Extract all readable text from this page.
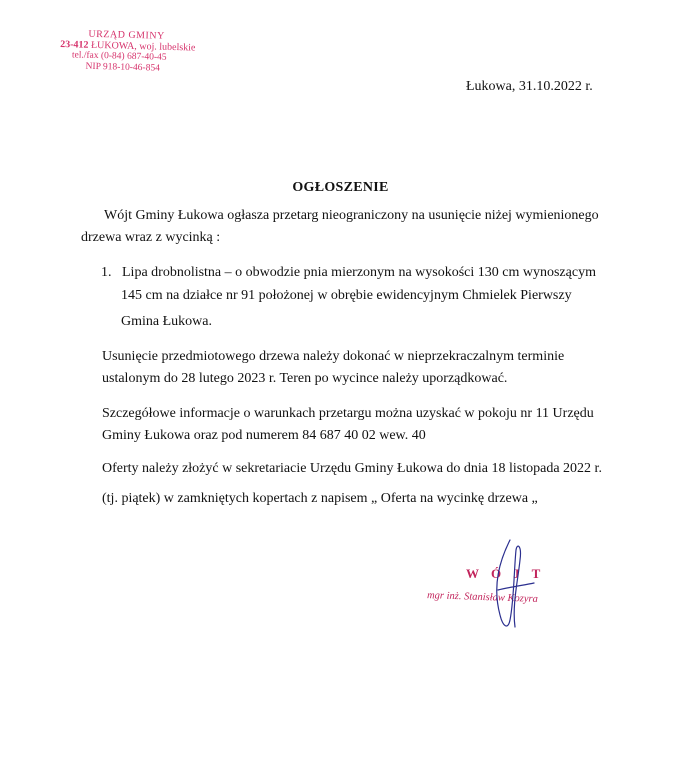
URZĄD GMINY
23-412 ŁUKOWA, woj. lubelskie
tel./fax (0-84) 687-40-45
NIP 918-10-46-854
Łukowa, 31.10.2022 r.
OGŁOSZENIE
Wójt Gminy Łukowa ogłasza przetarg nieograniczony na usunięcie niżej wymienionego
drzewa wraz z wycinką :
1.   Lipa drobnolistna – o obwodzie pnia mierzonym na wysokości 130 cm wynoszącym
145 cm na działce nr 91 położonej w obrębie ewidencyjnym Chmielek Pierwszy
Gmina Łukowa.
Usunięcie przedmiotowego drzewa należy dokonać w nieprzekraczalnym terminie
ustalonym do 28 lutego 2023 r. Teren po wycince należy uporządkować.
Szczegółowe informacje o warunkach przetargu można uzyskać w pokoju nr 11 Urzędu
Gminy Łukowa oraz pod numerem 84 687 40 02 wew. 40
Oferty należy złożyć w sekretariacie Urzędu Gminy Łukowa do dnia 18 listopada 2022 r.
(tj. piątek) w zamkniętych kopertach z napisem „ Oferta na wycinkę drzewa „
WÓJT
mgr inż. Stanisław Kozyra
